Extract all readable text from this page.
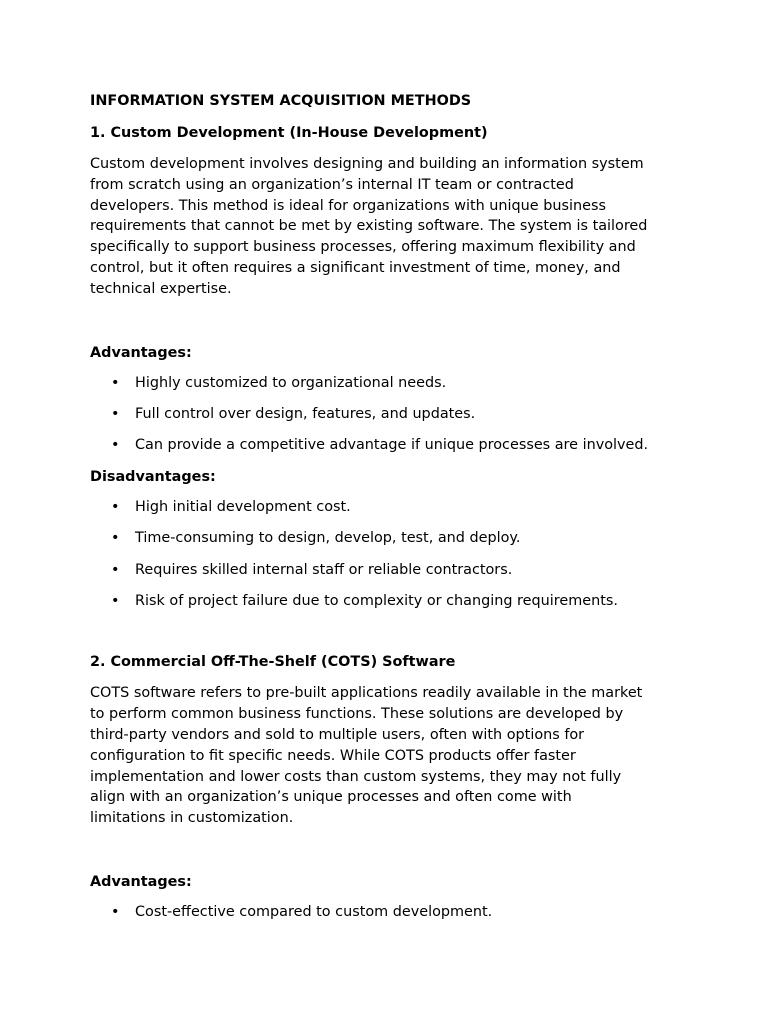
INFORMATION SYSTEM ACQUISITION METHODS

1. Custom Development (In-House Development)

Custom development involves designing and building an information system
from scratch using an organization’s internal IT team or contracted
developers. This method is ideal for organizations with unique business
requirements that cannot be met by existing software. The system is tailored
specifically to support business processes, offering maximum flexibility and
control, but it often requires a significant investment of time, money, and
technical expertise.

Advantages:

• Highly customized to organizational needs.
• Full control over design, features, and updates.
• Can provide a competitive advantage if unique processes are involved.

Disadvantages:

• High initial development cost.
• Time-consuming to design, develop, test, and deploy.
• Requires skilled internal staff or reliable contractors.
• Risk of project failure due to complexity or changing requirements.

2. Commercial Off-The-Shelf (COTS) Software

COTS software refers to pre-built applications readily available in the market
to perform common business functions. These solutions are developed by
third-party vendors and sold to multiple users, often with options for
configuration to fit specific needs. While COTS products offer faster
implementation and lower costs than custom systems, they may not fully
align with an organization’s unique processes and often come with
limitations in customization.

Advantages:

• Cost-effective compared to custom development.
